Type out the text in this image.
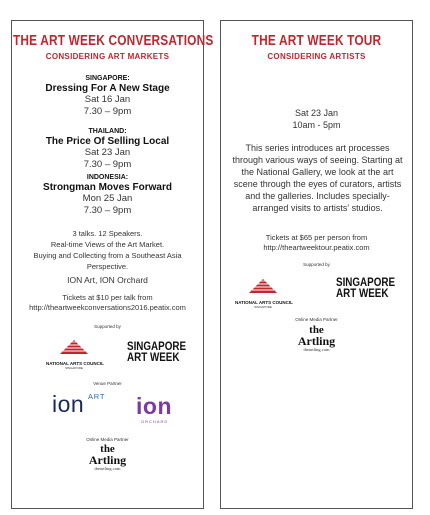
THE ART WEEK CONVERSATIONS
CONSIDERING ART MARKETS
SINGAPORE:
Dressing For A New Stage
Sat 16 Jan
7.30 – 9pm
THAILAND:
The Price Of Selling Local
Sat 23 Jan
7.30 – 9pm
INDONESIA:
Strongman Moves Forward
Mon 25 Jan
7.30 – 9pm
3 talks. 12 Speakers.
Real-time Views of the Art Market.
Buying and Collecting from a Southeast Asia
Perspective.
ION Art, ION Orchard
Tickets at $10 per talk from
http://theartweekconversations2016.peatix.com
Supported by
NATIONAL ARTS COUNCIL
SINGAPORE
SINGAPORE
ART WEEK
Venue Partner
ion ART ion
ORCHARD
Online Media Partner
the
Artling
theartling.com
THE ART WEEK TOUR
CONSIDERING ARTISTS
Sat 23 Jan
10am - 5pm
This series introduces art processes through various ways of seeing. Starting at the National Gallery, we look at the art scene through the eyes of curators, artists and the galleries. Includes specially-arranged visits to artists' studios.
Tickets at $65 per person from
http://theartweektour.peatix.com
Supported by
NATIONAL ARTS COUNCIL
SINGAPORE
SINGAPORE
ART WEEK
Online Media Partner
the
Artling
theartling.com
